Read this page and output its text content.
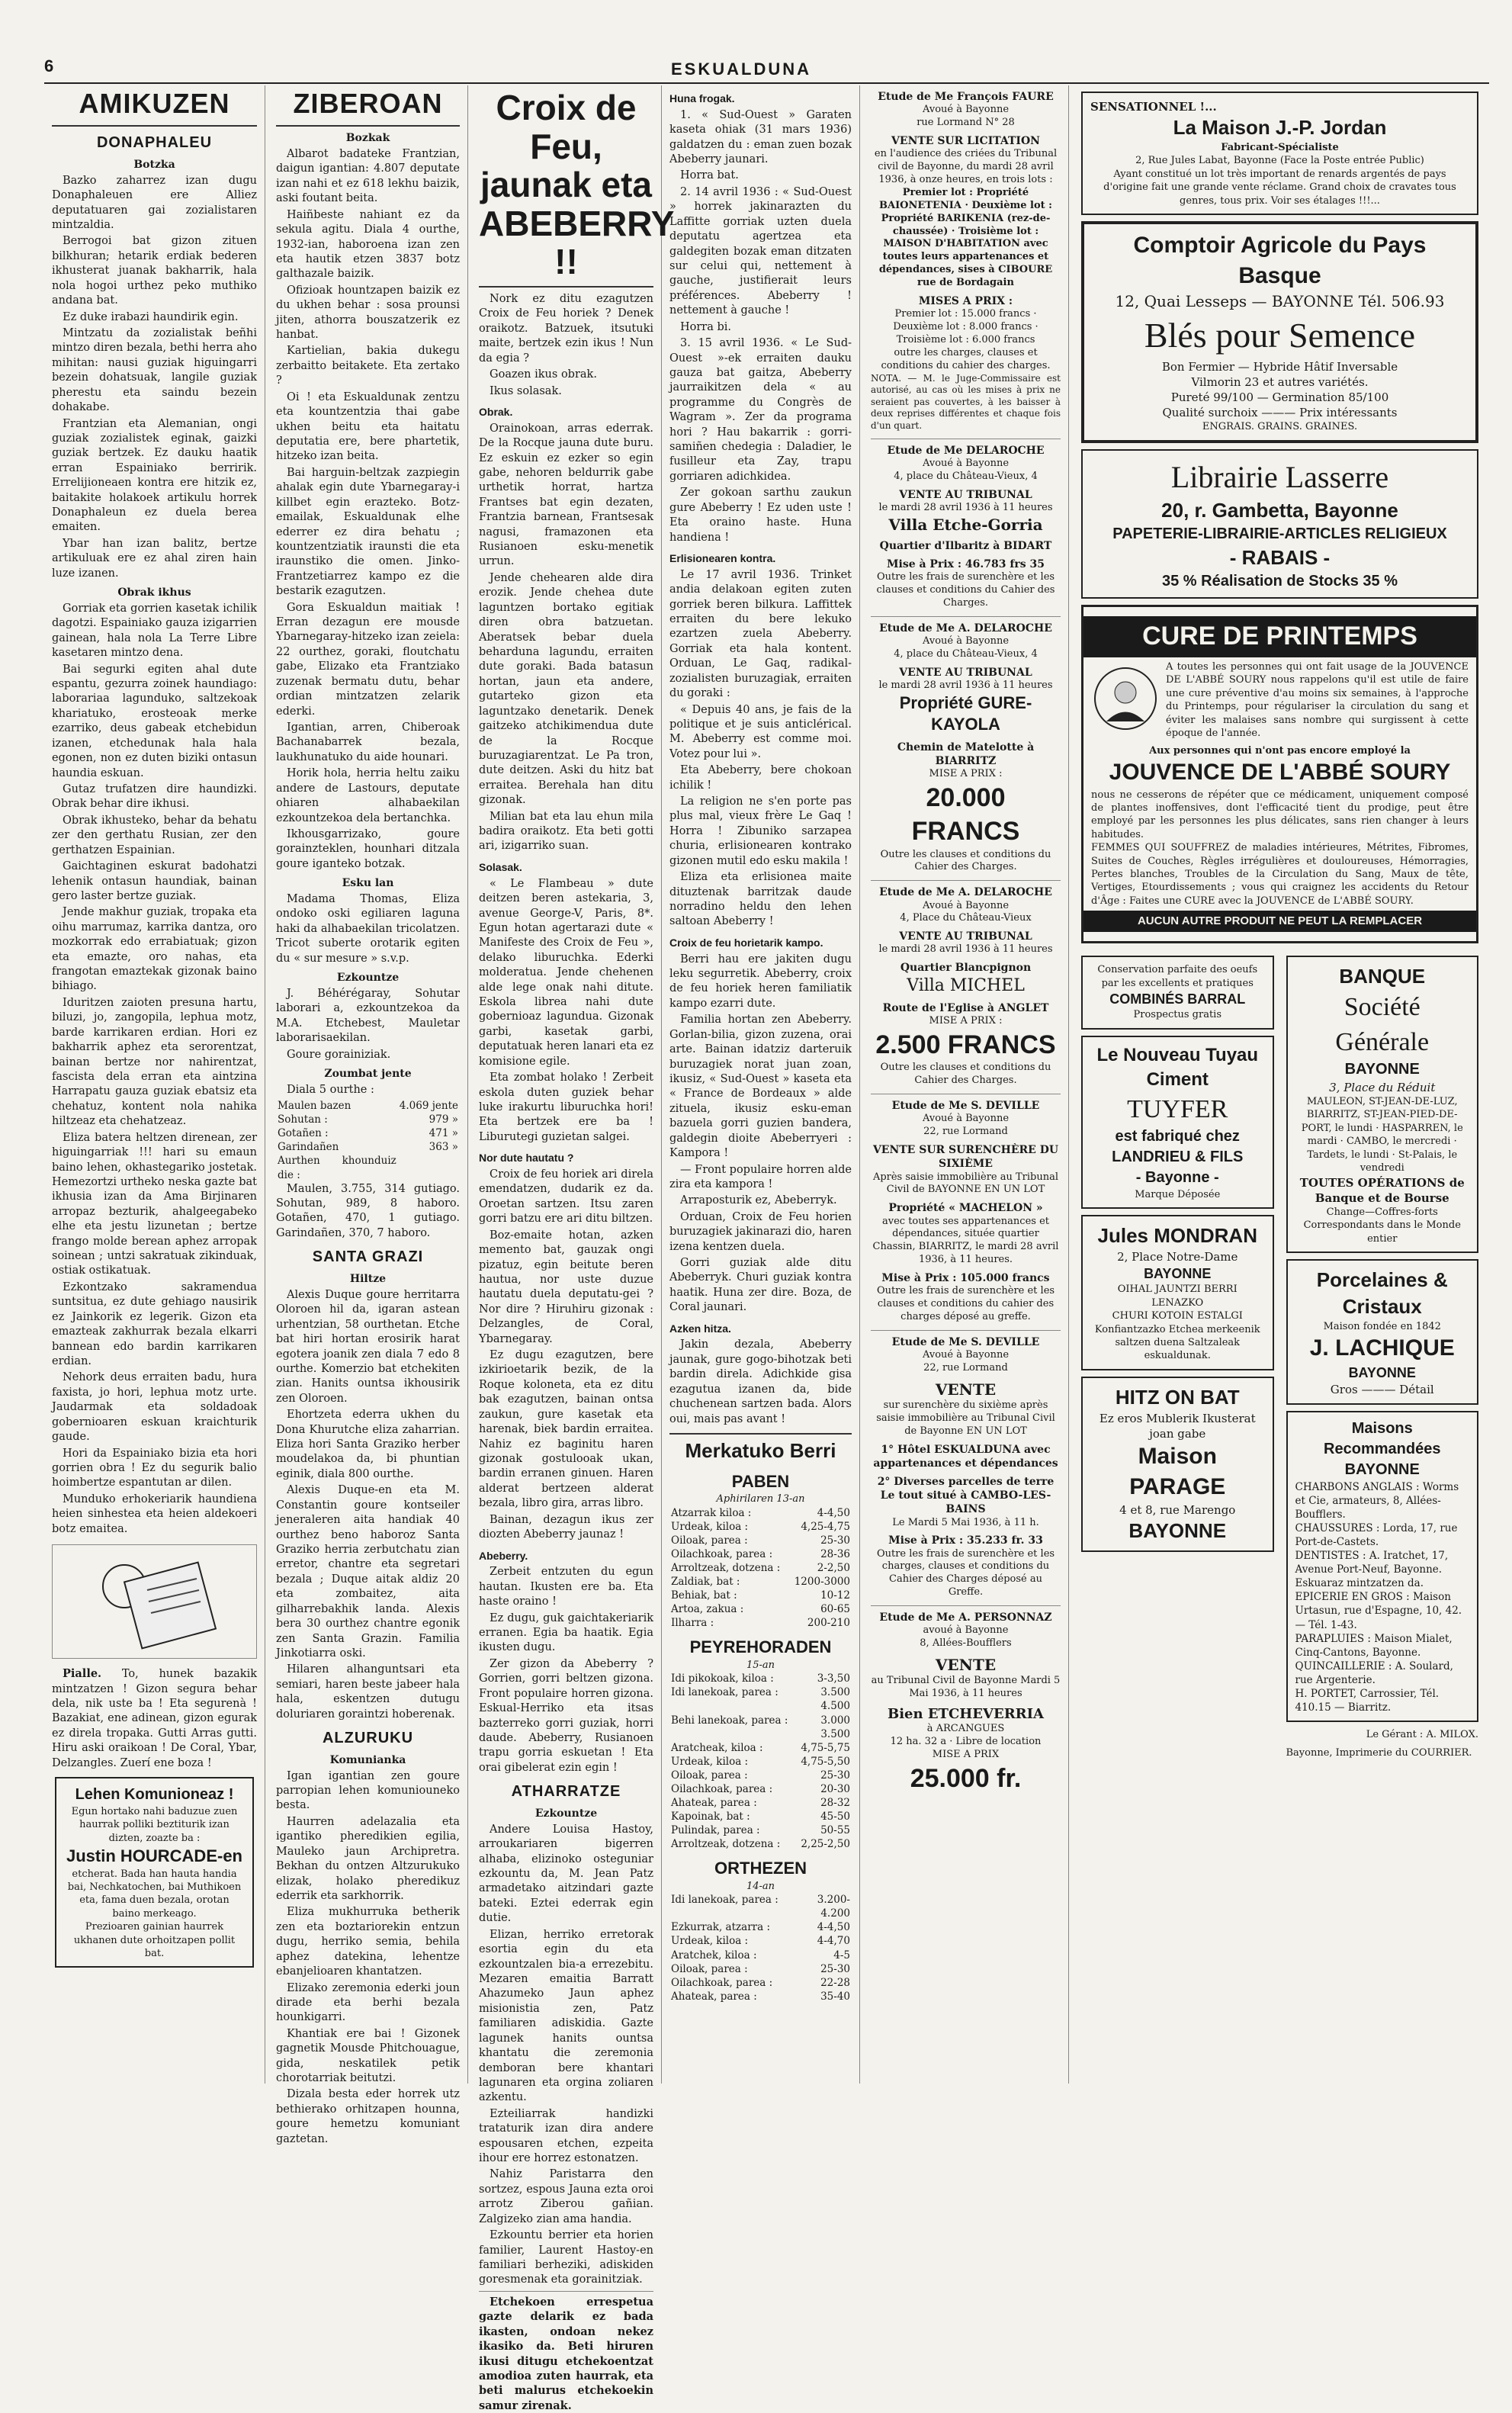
6	ESKUALDUNA
AMIKUZEN
DONAPHALEU
Botzka

Bazko zaharrez izan dugu Donaphaleuen ere Alliez deputatuaren gai zozialistaren mintzaldia.

Berrogoi bat gizon zituen bilkhuran; hetarik erdiak bederen ikhusterat juanak bakharrik, hala nola hogoi urthez peko muthiko andana bat.

Ez duke irabazi haundirik egin.

Mintzatu da zozialistak beñhi mintzo diren bezala, bethi herra aho mihitan: nausi guziak higuingarri bezein dohatsuak, langile guziak pherestu eta saindu bezein dohakabe.

Frantzian eta Alemanian, ongi guziak zozialistek eginak, gaizki guziak bertzek. Ez dauku haatik erran Espainiako berririk. Errelijioneaen kontra ere hitzik ez, baitakite holakoek artikulu horrek Donaphaleun ez duela berea emaiten.

Ybar han izan balitz, bertze artikuluak ere ez ahal ziren hain luze izanen.

Obrak ikhus

Gorriak eta gorrien kasetak ichilik dagotzi. Espainiako gauza izigarrien gainean, hala nola La Terre Libre kasetaren mintzo dena.

Bai segurki egiten ahal dute espantu, gezurra zoinek haundiago: laborariaa lagunduko, saltzekoak khariatuko, erosteoak merke ezarriko, deus gabeak etchebidun izanen, etchedunak hala hala egonen, non ez duten biziki ontasun haundia eskuan.

Gutaz trufatzen dire haundizki. Obrak behar dire ikhusi.

Obrak ikhusteko, behar da behatu zer den gerthatu Rusian, zer den gerthatzen Espainian.

Gaichtaginen eskurat badohatzi lehenik ontasun haundiak, bainan gero laster bertze guziak.

Jende makhur guziak, tropaka eta oihu marrumaz, karrika dantza, oro mozkorrak edo errabiatuak; gizon eta emazte, oro nahas, eta frangotan emaztekak gizonak baino bihiago.

Iduritzen zaioten presuna hartu, biluzi, jo, zangopila, lephua motz, barde karrikaren erdian. Hori ez bakharrik aphez eta serorentzat, bainan bertze nor nahirentzat, fascista dela erran eta aintzina Harrapatu gauza guziak ebatsiz eta chehatuz, kontent nola nahika hiltzeaz eta chehatzeaz.

Eliza batera heltzen direnean, zer higuingarriak !!! hari su emaun baino lehen, okhastegariko jostetak. Hemezortzi urtheko neska gazte bat ikhusia izan da Ama Birjinaren arropaz bezturik, ahalgeegabeko elhe eta jestu lizunetan ; bertze frango molde berean aphez arropak soinean ; untzi sakratuak zikinduak, ostiak ostikatuak.

Ezkontzako sakramendua suntsitua, ez dute gehiago nausirik ez Jainkorik ez legerik. Gizon eta emazteak zakhurrak bezala elkarri bannean edo bardin karrikaren erdian.

Nehork deus erraiten badu, hura faxista, jo hori, lephua motz urte. Jaudarmak eta soldadoak gobernioaren eskuan kraichturik gaude.

Hori da Espainiako bizia eta hori gorrien obra ! Ez du segurik balio hoimbertze espantutan ar dilen.

Munduko erhokeriarik haundiena heien sinhestea eta heien aldekoeri botz emaitea.

Pialle. To, hunek bazakik mintzatzen ! Gizon segura behar dela, nik uste ba ! Eta segurenà ! Bazakiat, ene adinean, gizon egurak ez direla tropaka. Gutti Arras gutti. Hiru aski oraikoan ! De Coral, Ybar, Delzangles. Zuerí ene boza !

Lehen Komunioneaz !
Egun hortako nahi baduzue zuen haurrak polliki beztiturik izan dizten, zoazte ba :
Justin HOURCADE-en
etcherat. Bada han hauta handia bai, Nechkatochen, bai Muthikoen eta, fama duen bezala, orotan baino merkeago.
Prezioaren gainian haurrek ukhanen dute orhoitzapen pollit bat.
ZIBEROAN
Bozkak

Albarot badateke Frantzian, daigun igantian: 4.807 deputate izan nahi et ez 618 lekhu baizik, aski foutant beita.

Haiñbeste nahiant ez da sekula agitu. Diala 4 ourthe, 1932-ian, haboroena izan zen eta hautik etzen 3837 botz galthazale baizik.

Ofizioak hountzapen baizik ez du ukhen behar : sosa prounsi jiten, athorra bouszatzerik ez hanbat.

Kartielian, bakia dukegu zerbaitto beitakete. Eta zertako ?

Oi ! eta Eskualdunak zentzu eta kountzentzia thai gabe ukhen beitu eta haitatu deputatia ere, bere phartetik, hitzeko izan beita.

Bai harguin-beltzak zazpiegin ahalak egin dute Ybarnegaray-i killbet egin erazteko. Botz-emailak, Eskualdunak elhe ederrer ez dira behatu ; kountzentziatik iraunsti die eta iraunstiko die omen. Jinko-Frantzetiarrez kampo ez die bestarik ezagutzen.

Gora Eskualdun maitiak ! Erran dezagun ere mousde Ybarnegaray-hitzeko izan zeiela: 22 ourthez, goraki, floutchatu gabe, Elizako eta Frantziako zuzenak bermatu dutu, behar ordian mintzatzen zelarik ederki.

Igantian, arren, Chiberoak Bachanabarrek bezala, laukhunatuko du aide hounari.

Horik hola, herria heltu zaiku andere de Lastours, deputate ohiaren alhabaekilan ezkountzekoa dela bertanchka.

Ikhousgarrizako, goure gorainzteklen, hounhari ditzala goure iganteko botzak.

Esku lan

Madama Thomas, Eliza ondoko oski egiliaren laguna haki da alhabaekilan tricolatzen. Tricot suberte orotarik egiten du « sur mesure » s.v.p.

Ezkountze

J. Béhérégaray, Sohutar laborari a, ezkountzekoa da M.A. Etchebest, Mauletar laborarisaekilan.

Goure gorainiziak.

Zoumbat jente

Diala 5 ourthe :

Maulen bazen	4.069 jente
Sohutan :	979 »
Gotañen :	471 »
Garindañen	363 »
Aurthen khounduiz die :	

Maulen, 3.755, 314 gutiago. Sohutan, 989, 8 haboro. Gotañen, 470, 1 gutiago. Garindañen, 370, 7 haboro.

SANTA GRAZI
Hiltze

Alexis Duque goure herritarra Oloroen hil da, igaran astean urhentzian, 58 ourthetan. Etche bat hiri hortan erosirik harat egotera joanik zen diala 7 edo 8 ourthe. Komerzio bat etchekiten zian. Hanits ountsa ikhousirik zen Oloroen.

Ehortzeta ederra ukhen du Dona Khurutche eliza zaharrian. Eliza hori Santa Graziko herber moudelakoa da, bi phuntian eginik, diala 800 ourthe.

Alexis Duque-en eta M. Constantin goure kontseiler jeneraleren aita handiak 40 ourthez beno haboroz Santa Graziko herria zerbutchatu zian erretor, chantre eta segretari bezala ; Duque aitak aldiz 20 eta zombaitez, aita gilharrebakhik landa. Alexis bera 30 ourthez chantre egonik zen Santa Grazin. Familia Jinkotiarra oski.

Hilaren alhanguntsari eta semiari, haren beste jabeer hala hala, eskentzen dutugu doluriaren goraintzi hoberenak.

ALZURUKU
Komunianka

Igan igantian zen goure parropian lehen komuniouneko besta.

Haurren adelazalia eta igantiko pheredikien egilia, Mauleko jaun Archipretra. Bekhan du ontzen Altzurukuko elizak, holako pheredikuz ederrik eta sarkhorrik.

Eliza mukhurruka betherik zen eta boztariorekin entzun dugu, herriko semia, behila aphez datekina, lehentze ebanjelioaren khantatzen.

Elizako zeremonia ederki joun dirade eta berhi bezala hounkigarri.

Khantiak ere bai ! Gizonek gagnetik Mousde Phitchouague, gida, neskatilek petik chorotarriak beitutzi.

Dizala besta eder horrek utz bethierako orhitzapen hounna, goure hemetzu komuniant gaztetan.

Croix de Feu, jaunak eta ABEBERRY !!

Nork ez ditu ezagutzen Croix de Feu horiek ? Denek oraikotz. Batzuek, itsutuki maite, bertzek ezin ikus ! Nun da egia ?

Goazen ikus obrak.

Ikus solasak.

Obrak.

Orainokoan, arras ederrak. De la Rocque jauna dute buru. Ez eskuin ez ezker so egin gabe, nehoren beldurrik gabe urthetik horrat, hartza Frantses bat egin dezaten, Frantzia barnean, Frantsesak nagusi, framazonen eta Rusianoen esku-menetik urrun.

Jende chehearen alde dira erozik. Jende chehea dute laguntzen bortako egitiak diren obra batzuetan. Aberatsek bebar duela beharduna lagundu, erraiten dute goraki. Bada batasun hortan, jaun eta andere, gutarteko gizon eta laguntzako denetarik. Denek gaitzeko atchikimendua dute de la Rocque buruzagiarentzat. Le Pa tron, dute deitzen. Aski du hitz bat erraitea. Berehala han ditu gizonak.

Milian bat eta lau ehun mila badira oraikotz. Eta beti gotti ari, izigarriko suan.

Solasak.

« Le Flambeau » dute deitzen beren astekaria, 3, avenue George-V, Paris, 8*. Egun hotan agertarazi dute « Manifeste des Croix de Feu », delako liburuchka. Ederki molderatua. Jende chehenen alde lege onak nahi ditute. Eskola librea nahi dute gobernioaz lagundua. Gizonak garbi, kasetak garbi, deputatuak heren lanari eta ez komisione egile.

Eta zombat holako ! Zerbeit eskola duten guziek behar luke irakurtu liburuchka hori! Eta bertzek ere ba ! Liburutegi guzietan salgei.

Nor dute hautatu ?

Croix de feu horiek ari direla emendatzen, dudarik ez da. Oroetan sartzen. Itsu zaren gorri batzu ere ari ditu biltzen.

Boz-emaite hotan, azken memento bat, gauzak ongi pizatuz, egin beitute beren hautua, nor uste duzue hautatu duela deputatu-gei ? Nor dire ? Hiruhiru gizonak : Delzangles, de Coral, Ybarnegaray.

Ez dugu ezagutzen, bere izkirioetarik bezik, de la Roque koloneta, eta ez ditu bak ezagutzen, bainan ontsa zaukun, gure kasetak eta harenak, biek bardin erraitea. Nahiz ez baginitu haren gizonak gostulooak ukan, bardin erranen ginuen. Haren alderat bertzeen alderat bezala, libro gira, arras libro.

Bainan, dezagun ikus zer diozten Abeberry jaunaz !

Abeberry.

Zerbeit entzuten du egun hautan. Ikusten ere ba. Eta haste oraino !

Ez dugu, guk gaichtakeriarik erranen. Egia ba haatik. Egia ikusten dugu.

Zer gizon da Abeberry ? Gorrien, gorri beltzen gizona. Front populaire horren gizona. Eskual-Herriko eta itsas bazterreko gorri guziak, horri daude. Abeberry, Rusianoen trapu gorria eskuetan ! Eta orai gibelerat ezin egin !

ATHARRATZE
Ezkountze

Andere Louisa Hastoy, arroukariaren bigerren alhaba, elizinoko osteguniar ezkountu da, M. Jean Patz armadetako aitzindari gazte bateki. Eztei ederrak egin dutie.

Elizan, herriko erretorak esortia egin du eta ezkountzalen bia-a errezebitu. Mezaren emaitia Barratt Ahazumeko Jaun aphez misionistia zen, Patz familiaren adiskidia. Gazte lagunek hanits ountsa khantatu die zeremonia demboran bere khantari lagunaren eta orgina zoliaren azkentu.

Ezteiliarrak handizki trataturik izan dira andere espousaren etchen, ezpeita ihour ere horrez estonatzen.

Nahiz Paristarra den sortzez, espous Jauna ezta oroi arrotz Ziberou gañian. Zalgizeko zian ama handia.

Ezkountu berrier eta horien familier, Laurent Hastoy-en familiari berheziki, adiskiden goresmenak eta gorainitziak.

Etchekoen errespetua gazte delarik ez bada ikasten, ondoan nekez ikasiko da. Beti hiruren ikusi ditugu etchekoentzat amodioa zuten haurrak, eta beti malurus etchekoekin samur zirenak.

Huna frogak.

1. « Sud-Ouest » Garaten kaseta ohiak (31 mars 1936) galdatzen du : eman zuen bozak Abeberry jaunari.

Horra bat.

2. 14 avril 1936 : « Sud-Ouest » horrek jakinarazten du Laffitte gorriak uzten duela deputatu agertzea eta galdegiten bozak eman ditzaten sur celui qui, nettement à gauche, justifierait leurs préférences. Abeberry ! nettement à gauche !

Horra bi.

3. 15 avril 1936. « Le Sud-Ouest »-ek erraiten dauku gauza bat gaitza, Abeberry jaurraikitzen dela « au programme du Congrès de Wagram ». Zer da programa hori ? Hau bakarrik : gorri-samiñen chedegia : Daladier, le fusilleur eta Zay, trapu gorriaren adichkidea.

Zer gokoan sarthu zaukun gure Abeberry ! Ez uden uste ! Eta oraino haste. Huna handiena !

Erlisionearen kontra.

Le 17 avril 1936. Trinket andia delakoan egiten zuten gorriek beren bilkura. Laffittek erraiten du bere lekuko ezartzen zuela Abeberry. Gorriak eta hala kontent. Orduan, Le Gaq, radikal-zozialisten buruzagiak, erraiten du goraki :

« Depuis 40 ans, je fais de la politique et je suis anticlérical. M. Abeberry est comme moi. Votez pour lui ».

Eta Abeberry, bere chokoan ichilik !

La religion ne s'en porte pas plus mal, vieux frère Le Gaq ! Horra ! Zibuniko sarzapea churia, erlisionearen kontrako gizonen mutil edo esku makila !

Eliza eta erlisionea maite dituztenak barritzak daude norradino heldu den lehen saltoan Abeberry !

Croix de feu horietarik kampo.

Berri hau ere jakiten dugu leku segurretik. Abeberry, croix de feu horiek heren familiatik kampo ezarri dute.

Familia hortan zen Abeberry. Gorlan-bilia, gizon zuzena, orai arte. Bainan idatziz darteruik buruzagiek norat juan zoan, ikusiz, « Sud-Ouest » kaseta eta « France de Bordeaux » alde zituela, ikusiz esku-eman bazuela gorri guzien bandera, galdegin dioite Abeberryeri : Kampora !

— Front populaire horren alde zira eta kampora !

Arraposturik ez, Abeberryk.

Orduan, Croix de Feu horien buruzagiek jakinarazi dio, haren izena kentzen duela.

Gorri guziak alde ditu Abeberryk. Churi guziak kontra haatik. Huna zer dire. Boza, de Coral jaunari.

Azken hitza.

Jakin dezala, Abeberry jaunak, gure gogo-bihotzak beti bardin direla. Adichkide gisa ezagutua izanen da, bide chuchenean sartzen bada. Alors oui, mais pas avant !

Merkatuko Berri
PABEN
Aphirilaren 13-an
Atzarrak kiloa :	4-4,50
Urdeak, kiloa :	4,25-4,75
Oiloak, parea :	25-30
Oilachkoak, parea :	28-36
Arroltzeak, dotzena :	2-2,50
Zaldiak, bat :	1200-3000
Behiak, bat :	10-12
Artoa, zakua :	60-65
Ilharra :	200-210
PEYREHORADEN
15-an
Idi pikokoak, kiloa :	3-3,50
Idi lanekoak, parea :	3.500
	4.500
Behi lanekoak, parea :	3.000
	3.500
Aratcheak, kiloa :	4,75-5,75
Urdeak, kiloa :	4,75-5,50
Oiloak, parea :	25-30
Oilachkoak, parea :	20-30
Ahateak, parea :	28-32
Kapoinak, bat :	45-50
Pulindak, parea :	50-55
Arroltzeak, dotzena :	2,25-2,50
ORTHEZEN
14-an
Idi lanekoak, parea :	3.200-
	4.200
Ezkurrak, atzarra :	4-4,50
Urdeak, kiloa :	4-4,70
Aratchek, kiloa :	4-5
Oiloak, parea :	25-30
Oilachkoak, parea :	22-28
Ahateak, parea :	35-40
Etude de Me François FAURE
Avoué à Bayonne
rue Lormand N° 28
VENTE SUR LICITATION
en l'audience des criées du Tribunal civil de Bayonne, du mardi 28 avril 1936, à onze heures, en trois lots :
Premier lot : Propriété BAIONETENIA · Deuxième lot : Propriété BARIKENIA (rez-de-chaussée) · Troisième lot : MAISON D'HABITATION avec toutes leurs appartenances et dépendances, sises à CIBOURE rue de Bordagain
MISES A PRIX :
Premier lot : 15.000 francs · Deuxième lot : 8.000 francs · Troisième lot : 6.000 francs
outre les charges, clauses et conditions du cahier des charges.
NOTA. — M. le Juge-Commissaire est autorisé, au cas où les mises à prix ne seraient pas couvertes, à les baisser à deux reprises différentes et chaque fois d'un quart.
Etude de Me DELAROCHE
Avoué à Bayonne
4, place du Château-Vieux, 4
VENTE AU TRIBUNAL
le mardi 28 avril 1936 à 11 heures
Villa Etche-Gorria
Quartier d'Ilbaritz à BIDART
Mise à Prix : 46.783 frs 35
Outre les frais de surenchère et les clauses et conditions du Cahier des Charges.
Etude de Me A. DELAROCHE
Avoué à Bayonne
4, place du Château-Vieux, 4
VENTE AU TRIBUNAL
le mardi 28 avril 1936 à 11 heures
Propriété GURE-KAYOLA
Chemin de Matelotte à BIARRITZ
MISE A PRIX :
20.000 FRANCS
Outre les clauses et conditions du Cahier des Charges.
Etude de Me A. DELAROCHE
Avoué à Bayonne
4, Place du Château-Vieux
VENTE AU TRIBUNAL
le mardi 28 avril 1936 à 11 heures
Quartier Blancpignon
Villa MICHEL
Route de l'Eglise à ANGLET
MISE A PRIX :
2.500 FRANCS
Outre les clauses et conditions du Cahier des Charges.
Etude de Me S. DEVILLE
Avoué à Bayonne
22, rue Lormand
VENTE SUR SURENCHÈRE DU SIXIÈME
Après saisie immobilière au Tribunal Civil de BAYONNE EN UN LOT
Propriété « MACHELON »
avec toutes ses appartenances et dépendances, située quartier Chassin, BIARRITZ, le mardi 28 avril 1936, à 11 heures.
Mise à Prix : 105.000 francs
Outre les frais de surenchère et les clauses et conditions du cahier des charges déposé au greffe.
Etude de Me S. DEVILLE
Avoué à Bayonne
22, rue Lormand
VENTE
sur surenchère du sixième après saisie immobilière au Tribunal Civil de Bayonne EN UN LOT
1° Hôtel ESKUALDUNA avec appartenances et dépendances
2° Diverses parcelles de terre Le tout situé à CAMBO-LES-BAINS
Le Mardi 5 Mai 1936, à 11 h.
Mise à Prix : 35.233 fr. 33
Outre les frais de surenchère et les charges, clauses et conditions du Cahier des Charges déposé au Greffe.
Etude de Me A. PERSONNAZ
avoué à Bayonne
8, Allées-Boufflers
VENTE
au Tribunal Civil de Bayonne Mardi 5 Mai 1936, à 11 heures
Bien ETCHEVERRIA
à ARCANGUES
12 ha. 32 a · Libre de location
MISE A PRIX
25.000 fr.
SENSATIONNEL !...
La Maison J.-P. Jordan
Fabricant-Spécialiste
2, Rue Jules Labat, Bayonne (Face la Poste entrée Public)
Ayant constitué un lot très important de renards argentés de pays d'origine fait une grande vente réclame. Grand choix de cravates tous genres, tous prix. Voir ses étalages !!!...
Comptoir Agricole du Pays Basque
12, Quai Lesseps — BAYONNE Tél. 506.93
Blés pour Semence
Bon Fermier — Hybride Hâtif Inversable
Vilmorin 23 et autres variétés.
Pureté 99/100 — Germination 85/100
Qualité surchoix ——— Prix intéressants
ENGRAIS. GRAINS. GRAINES.
Librairie Lasserre
20, r. Gambetta, Bayonne
PAPETERIE-LIBRAIRIE-ARTICLES RELIGIEUX
- RABAIS -
35 % Réalisation de Stocks 35 %
CURE DE PRINTEMPS
A toutes les personnes qui ont fait usage de la JOUVENCE DE L'ABBÉ SOURY nous rappelons qu'il est utile de faire une cure préventive d'au moins six semaines, à l'approche du Printemps, pour régulariser la circulation du sang et éviter les malaises sans nombre qui surgissent à cette époque de l'année.
Aux personnes qui n'ont pas encore employé la
JOUVENCE DE L'ABBÉ SOURY
nous ne cesserons de répéter que ce médicament, uniquement composé de plantes inoffensives, dont l'efficacité tient du prodige, peut être employé par les personnes les plus délicates, sans rien changer à leurs habitudes.
FEMMES QUI SOUFFREZ de maladies intérieures, Métrites, Fibromes, Suites de Couches, Règles irrégulières et douloureuses, Hémorragies, Pertes blanches, Troubles de la Circulation du Sang, Maux de tête, Vertiges, Etourdissements ; vous qui craignez les accidents du Retour d'Âge : Faites une CURE avec la JOUVENCE de L'ABBÉ SOURY.
AUCUN AUTRE PRODUIT NE PEUT LA REMPLACER
Conservation parfaite des oeufs par les excellents et pratiques
COMBINÉS BARRAL
Prospectus gratis
Le Nouveau Tuyau Ciment
TUYFER
est fabriqué chez LANDRIEU & FILS
- Bayonne -
Marque Déposée
Jules MONDRAN
2, Place Notre-Dame
BAYONNE
OIHAL JAUNTZI BERRI LENAZKO
CHURI KOTOIN ESTALGI
Konfiantzazko Etchea merkeenik saltzen duena Saltzaleak eskualdunak.
HITZ ON BAT
Ez eros Mublerik Ikusterat joan gabe
Maison PARAGE
4 et 8, rue Marengo
BAYONNE
BANQUE
Société Générale
BAYONNE
3, Place du Réduit
MAULEON, ST-JEAN-DE-LUZ, BIARRITZ, ST-JEAN-PIED-DE-PORT, le lundi · HASPARREN, le mardi · CAMBO, le mercredi · Tardets, le lundi · St-Palais, le vendredi
TOUTES OPÉRATIONS de Banque et de Bourse
Change—Coffres-forts
Correspondants dans le Monde entier
Porcelaines & Cristaux
Maison fondée en 1842
J. LACHIQUE
BAYONNE
Gros ——— Détail
Maisons Recommandées BAYONNE
CHARBONS ANGLAIS : Worms et Cie, armateurs, 8, Allées-Boufflers.
CHAUSSURES : Lorda, 17, rue Port-de-Castets.
DENTISTES : A. Iratchet, 17, Avenue Port-Neuf, Bayonne. Eskuaraz mintzatzen da.
EPICERIE EN GROS : Maison Urtasun, rue d'Espagne, 10, 42. — Tél. 1-43.
PARAPLUIES : Maison Mialet, Cinq-Cantons, Bayonne.
QUINCAILLERIE : A. Soulard, rue Argenterie.
H. PORTET, Carrossier, Tél. 410.15 — Biarritz.
Le Gérant : A. MILOX.
Bayonne, Imprimerie du COURRIER.
